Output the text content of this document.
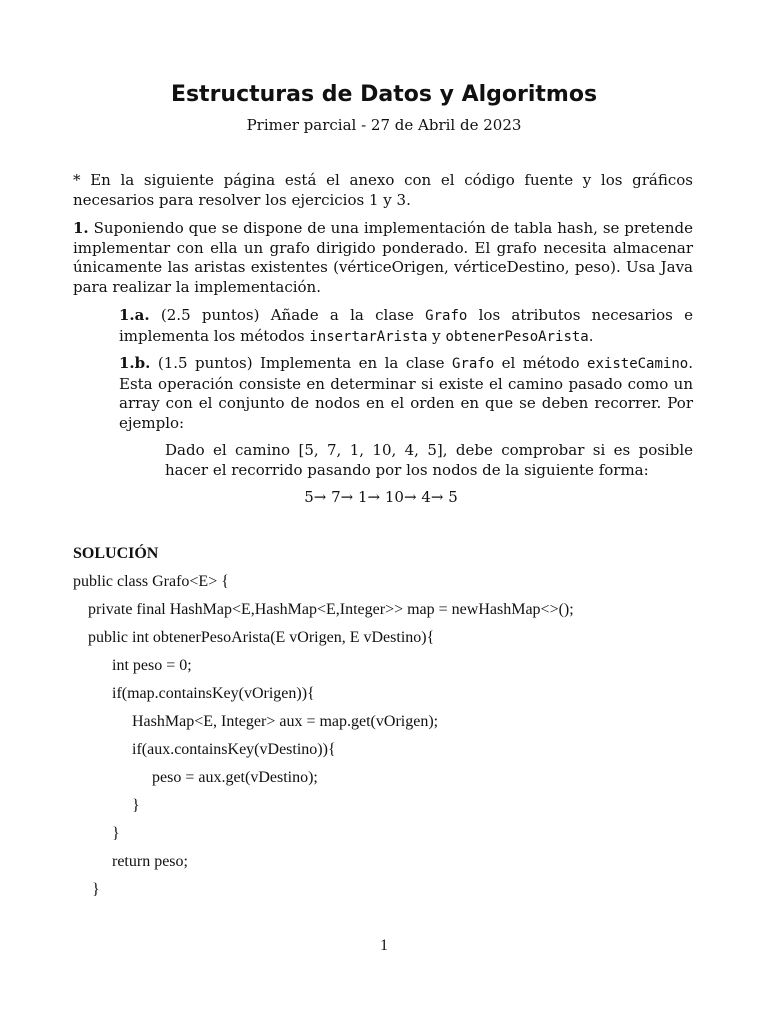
Estructuras de Datos y Algoritmos
Primer parcial - 27 de Abril de 2023

* En la siguiente página está el anexo con el código fuente y los gráficos necesarios para resolver los ejercicios 1 y 3.

1. Suponiendo que se dispone de una implementación de tabla hash, se pretende implementar con ella un grafo dirigido ponderado. El grafo necesita almacenar únicamente las aristas existentes (vérticeOrigen, vérticeDestino, peso). Usa Java para realizar la implementación.

1.a. (2.5 puntos) Añade a la clase Grafo los atributos necesarios e implementa los métodos insertarArista y obtenerPesoArista.

1.b. (1.5 puntos) Implementa en la clase Grafo el método existeCamino. Esta operación consiste en determinar si existe el camino pasado como un array con el conjunto de nodos en el orden en que se deben recorrer. Por ejemplo:

Dado el camino [5, 7, 1, 10, 4, 5], debe comprobar si es posible hacer el recorrido pasando por los nodos de la siguiente forma:

5→ 7→ 1→ 10→ 4→ 5
SOLUCIÓN
public class Grafo<E> {
private final HashMap<E,HashMap<E,Integer>> map = newHashMap<>();
public int obtenerPesoArista(E vOrigen, E vDestino){
int peso = 0;
if(map.containsKey(vOrigen)){
HashMap<E, Integer> aux = map.get(vOrigen);
if(aux.containsKey(vDestino)){
peso = aux.get(vDestino);
}
}
return peso;
}
1
